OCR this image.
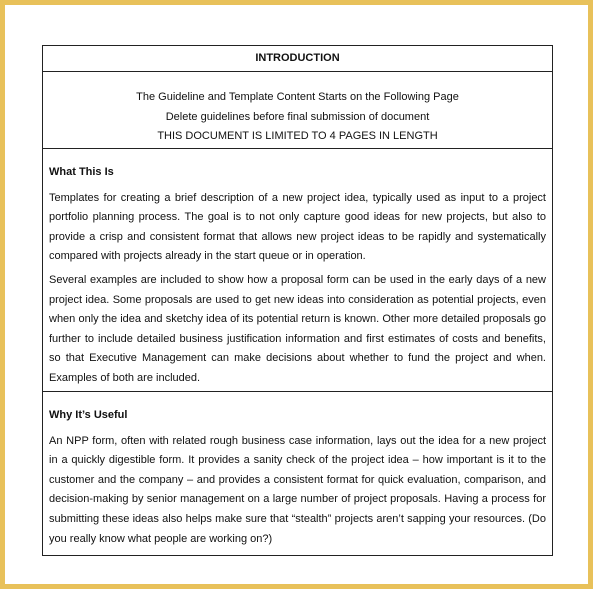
INTRODUCTION
The Guideline and Template Content Starts on the Following Page
Delete guidelines before final submission of document
THIS DOCUMENT IS LIMITED TO 4 PAGES IN LENGTH
What This Is

Templates for creating a brief description of a new project idea, typically used as input to a project portfolio planning process. The goal is to not only capture good ideas for new projects, but also to provide a crisp and consistent format that allows new project ideas to be rapidly and systematically compared with projects already in the start queue or in operation.

Several examples are included to show how a proposal form can be used in the early days of a new project idea. Some proposals are used to get new ideas into consideration as potential projects, even when only the idea and sketchy idea of its potential return is known. Other more detailed proposals go further to include detailed business justification information and first estimates of costs and benefits, so that Executive Management can make decisions about whether to fund the project and when. Examples of both are included.

Why It’s Useful

An NPP form, often with related rough business case information, lays out the idea for a new project in a quickly digestible form. It provides a sanity check of the project idea – how important is it to the customer and the company – and provides a consistent format for quick evaluation, comparison, and decision-making by senior management on a large number of project proposals. Having a process for submitting these ideas also helps make sure that “stealth” projects aren’t sapping your resources. (Do you really know what people are working on?)
